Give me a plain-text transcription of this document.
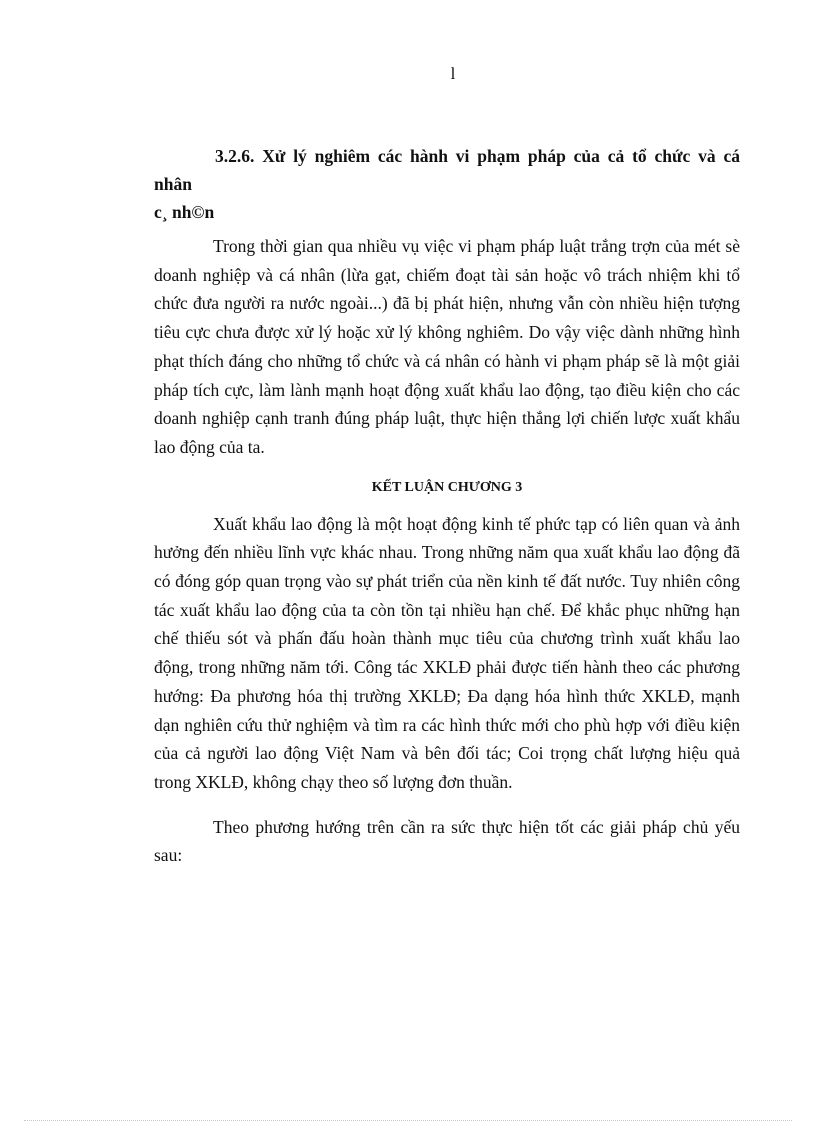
l
3.2.6. Xử lý nghiêm các hành vi phạm pháp của cả tổ chức và cá
nhân
c¸ nh©n

Trong thời gian qua nhiều vụ việc vi phạm pháp luật trắng trợn của mét sè doanh nghiệp và cá nhân (lừa gạt, chiếm đoạt tài sản hoặc vô trách nhiệm khi tổ chức đưa người ra nước ngoài...) đã bị phát hiện, nhưng vẫn còn nhiều hiện tượng tiêu cực chưa được xử lý hoặc xử lý không nghiêm. Do vậy việc dành những hình phạt thích đáng cho những tổ chức và cá nhân có hành vi phạm pháp sẽ là một giải pháp tích cực, làm lành mạnh hoạt động xuất khẩu lao động, tạo điều kiện cho các doanh nghiệp cạnh tranh đúng pháp luật, thực hiện thắng lợi chiến lược xuất khẩu lao động của ta.

KẾT LUẬN CHƯƠNG 3

Xuất khẩu lao động là một hoạt động kinh tế phức tạp có liên quan và ảnh hưởng đến nhiều lĩnh vực khác nhau. Trong những năm qua xuất khẩu lao động đã có đóng góp quan trọng vào sự phát triển của nền kinh tế đất nước. Tuy nhiên công tác xuất khẩu lao động của ta còn tồn tại nhiều hạn chế. Để khắc phục những hạn chế thiếu sót và phấn đấu hoàn thành mục tiêu của chương trình xuất khẩu lao động, trong những năm tới. Công tác XKLĐ phải được tiến hành theo các phương hướng: Đa phương hóa thị trường XKLĐ; Đa dạng hóa hình thức XKLĐ, mạnh dạn nghiên cứu thử nghiệm và tìm ra các hình thức mới cho phù hợp với điều kiện của cả người lao động Việt Nam và bên đối tác; Coi trọng chất lượng hiệu quả trong XKLĐ, không chạy theo số lượng đơn thuần.

Theo phương hướng trên cần ra sức thực hiện tốt các giải pháp chủ yếu sau:
